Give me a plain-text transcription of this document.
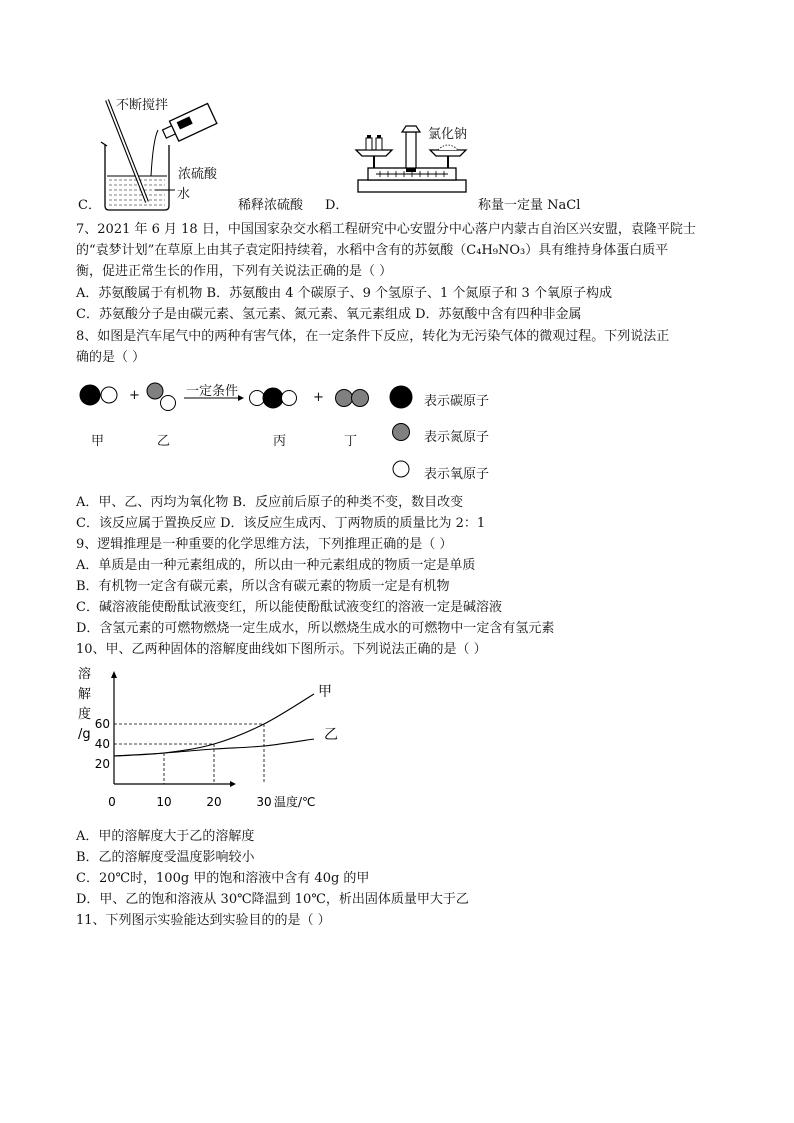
不断搅拌
浓硫酸
水
C．	稀释浓硫酸
氯化钠
D．	称量一定量 NaCl
7、2021 年 6 月 18 日，中国国家杂交水稻工程研究中心安盟分中心落户内蒙古自治区兴安盟，袁隆平院士
的“袁梦计划”在草原上由其子袁定阳持续着，水稻中含有的苏氨酸（C₄H₉NO₃）具有维持身体蛋白质平
衡，促进正常生长的作用，下列有关说法正确的是（ ）
A．苏氨酸属于有机物 B．苏氨酸由 4 个碳原子、9 个氢原子、1 个氮原子和 3 个氧原子构成
C．苏氨酸分子是由碳元素、氢元素、氮元素、氧元素组成 D．苏氨酸中含有四种非金属
8、如图是汽车尾气中的两种有害气体，在一定条件下反应，转化为无污染气体的微观过程。下列说法正
确的是（ ）
+	+
一定条件
甲	乙	丙	丁
表示碳原子
表示氮原子
表示氧原子
A．甲、乙、丙均为氧化物 B．反应前后原子的种类不变，数目改变
C．该反应属于置换反应 D．该反应生成丙、丁两物质的质量比为 2：1
9、逻辑推理是一种重要的化学思维方法，下列推理正确的是（ ）
A．单质是由一种元素组成的，所以由一种元素组成的物质一定是单质
B．有机物一定含有碳元素，所以含有碳元素的物质一定是有机物
C．碱溶液能使酚酞试液变红，所以能使酚酞试液变红的溶液一定是碱溶液
D．含氢元素的可燃物燃烧一定生成水，所以燃烧生成水的可燃物中一定含有氢元素
10、甲、乙两种固体的溶解度曲线如下图所示。下列说法正确的是（ ）
溶
解
度
/g
20
40
60
0	10	20	30 温度/℃
甲
乙
A．甲的溶解度大于乙的溶解度
B．乙的溶解度受温度影响较小
C．20℃时，100g 甲的饱和溶液中含有 40g 的甲
D．甲、乙的饱和溶液从 30℃降温到 10℃，析出固体质量甲大于乙
11、下列图示实验能达到实验目的的是（ ）
